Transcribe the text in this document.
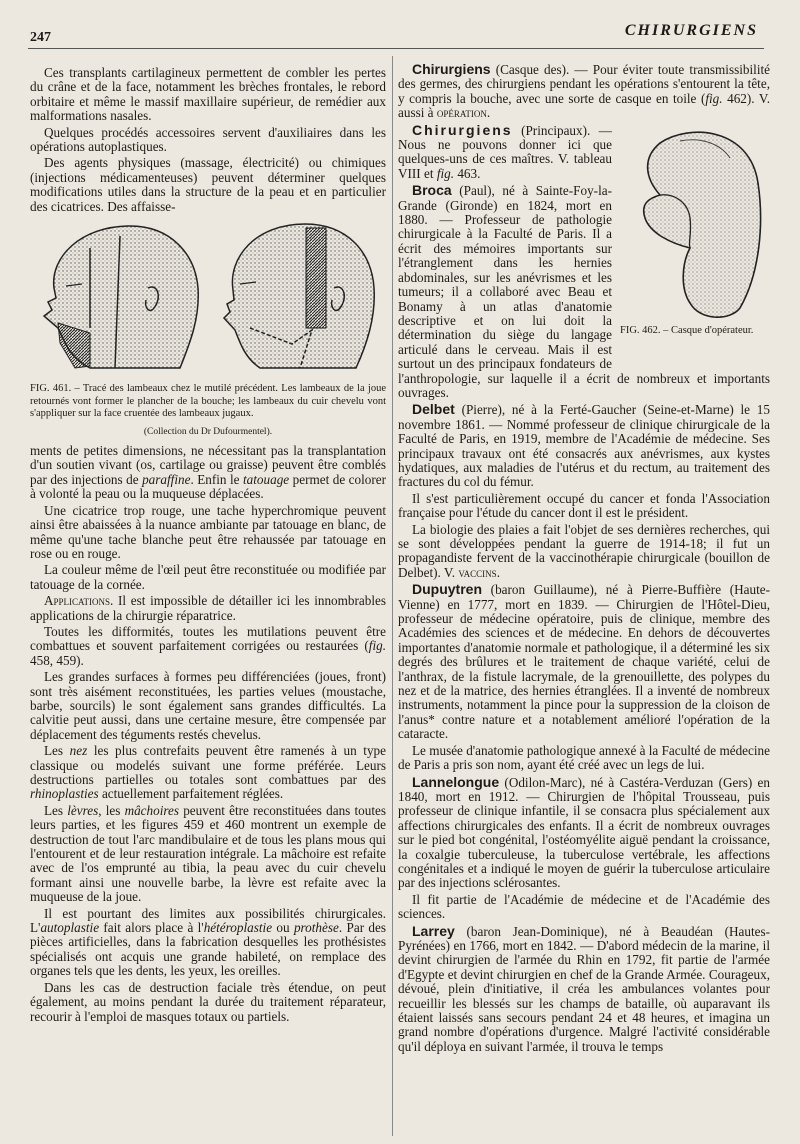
247	CHIRURGIENS

Ces transplants cartilagineux permettent de combler les pertes du crâne et de la face, notamment les brèches frontales, le rebord orbitaire et même le massif maxillaire supérieur, de remédier aux malformations nasales.

Quelques procédés accessoires servent d'auxiliaires dans les opérations autoplastiques.

Des agents physiques (massage, électricité) ou chimiques (injections médicamenteuses) peuvent déterminer quelques modifications utiles dans la structure de la peau et en particulier des cicatrices. Des affaisse-

FIG. 461. – Tracé des lambeaux chez le mutilé précédent. Les lambeaux de la joue retournés vont former le plancher de la bouche; les lambeaux du cuir chevelu vont s'appliquer sur la face cruentée des lambeaux jugaux.

(Collection du Dr Dufourmentel).

ments de petites dimensions, ne nécessitant pas la transplantation d'un soutien vivant (os, cartilage ou graisse) peuvent être comblés par des injections de paraffine. Enfin le tatouage permet de colorer à volonté la peau ou la muqueuse déplacées.

Une cicatrice trop rouge, une tache hyperchromique peuvent ainsi être abaissées à la nuance ambiante par tatouage en blanc, de même qu'une tache blanche peut être rehaussée par tatouage en rose ou en rouge.

La couleur même de l'œil peut être reconstituée ou modifiée par tatouage de la cornée.

Applications. Il est impossible de détailler ici les innombrables applications de la chirurgie réparatrice.

Toutes les difformités, toutes les mutilations peuvent être combattues et souvent parfaitement corrigées ou restaurées (fig. 458, 459).

Les grandes surfaces à formes peu différenciées (joues, front) sont très aisément reconstituées, les parties velues (moustache, barbe, sourcils) le sont également sans grandes difficultés. La calvitie peut aussi, dans une certaine mesure, être compensée par déplacement des téguments restés chevelus.

Les nez les plus contrefaits peuvent être ramenés à un type classique ou modelés suivant une forme préférée. Leurs destructions partielles ou totales sont combattues par des rhinoplasties actuellement parfaitement réglées.

Les lèvres, les mâchoires peuvent être reconstituées dans toutes leurs parties, et les figures 459 et 460 montrent un exemple de destruction de tout l'arc mandibulaire et de tous les plans mous qui l'entourent et de leur restauration intégrale. La mâchoire est refaite avec de l'os emprunté au tibia, la peau avec du cuir chevelu formant ainsi une nouvelle barbe, la lèvre est refaite avec la muqueuse de la joue.

Il est pourtant des limites aux possibilités chirurgicales. L'autoplastie fait alors place à l'hétéroplastie ou prothèse. Par des pièces artificielles, dans la fabrication desquelles les prothésistes spécialisés ont acquis une grande habileté, on remplace des organes tels que les dents, les yeux, les oreilles.

Dans les cas de destruction faciale très étendue, on peut également, au moins pendant la durée du traitement réparateur, recourir à l'emploi de masques totaux ou partiels.

Chirurgiens (Casque des). — Pour éviter toute transmissibilité des germes, des chirurgiens pendant les opérations s'entourent la tête, y compris la bouche, avec une sorte de casque en toile (fig. 462). V. aussi à opération.

FIG. 462. – Casque d'opérateur.

Chirurgiens (Principaux). — Nous ne pouvons donner ici que quelques-uns de ces maîtres. V. tableau VIII et fig. 463.

Broca (Paul), né à Sainte-Foy-la-Grande (Gironde) en 1824, mort en 1880. — Professeur de pathologie chirurgicale à la Faculté de Paris. Il a écrit des mémoires importants sur l'étranglement dans les hernies abdominales, sur les anévrismes et les tumeurs; il a collaboré avec Beau et Bonamy à un atlas d'anatomie descriptive et on lui doit la détermination du siège du langage articulé dans le cerveau. Mais il est surtout un des principaux fondateurs de l'anthropologie, sur laquelle il a écrit de nombreux et importants ouvrages.

Delbet (Pierre), né à la Ferté-Gaucher (Seine-et-Marne) le 15 novembre 1861. — Nommé professeur de clinique chirurgicale de la Faculté de Paris, en 1919, membre de l'Académie de médecine. Ses principaux travaux ont été consacrés aux anévrismes, aux kystes hydatiques, aux maladies de l'utérus et du rectum, au traitement des fractures du col du fémur.

Il s'est particulièrement occupé du cancer et fonda l'Association française pour l'étude du cancer dont il est le président.

La biologie des plaies a fait l'objet de ses dernières recherches, qui se sont développées pendant la guerre de 1914-18; il fut un propagandiste fervent de la vaccinothérapie chirurgicale (bouillon de Delbet). V. vaccins.

Dupuytren (baron Guillaume), né à Pierre-Buffière (Haute-Vienne) en 1777, mort en 1839. — Chirurgien de l'Hôtel-Dieu, professeur de médecine opératoire, puis de clinique, membre des Académies des sciences et de médecine. En dehors de découvertes importantes d'anatomie normale et pathologique, il a déterminé les six degrés des brûlures et le traitement de chaque variété, celui de l'anthrax, de la fistule lacrymale, de la grenouillette, des polypes du nez et de la matrice, des hernies étranglées. Il a inventé de nombreux instruments, notamment la pince pour la suppression de la cloison de l'anus* contre nature et a notablement amélioré l'opération de la cataracte.

Le musée d'anatomie pathologique annexé à la Faculté de médecine de Paris a pris son nom, ayant été créé avec un legs de lui.

Lannelongue (Odilon-Marc), né à Castéra-Verduzan (Gers) en 1840, mort en 1912. — Chirurgien de l'hôpital Trousseau, puis professeur de clinique infantile, il se consacra plus spécialement aux affections chirurgicales des enfants. Il a écrit de nombreux ouvrages sur le pied bot congénital, l'ostéomyélite aiguë pendant la croissance, la coxalgie tuberculeuse, la tuberculose vertébrale, les affections congénitales et a indiqué le moyen de guérir la tuberculose articulaire par des injections sclérosantes.

Il fit partie de l'Académie de médecine et de l'Académie des sciences.

Larrey (baron Jean-Dominique), né à Beaudéan (Hautes-Pyrénées) en 1766, mort en 1842. — D'abord médecin de la marine, il devint chirurgien de l'armée du Rhin en 1792, fit partie de l'armée d'Egypte et devint chirurgien en chef de la Grande Armée. Courageux, dévoué, plein d'initiative, il créa les ambulances volantes pour recueillir les blessés sur les champs de bataille, où auparavant ils étaient laissés sans secours pendant 24 et 48 heures, et imagina un grand nombre d'opérations d'urgence. Malgré l'activité considérable qu'il déploya en suivant l'armée, il trouva le temps
